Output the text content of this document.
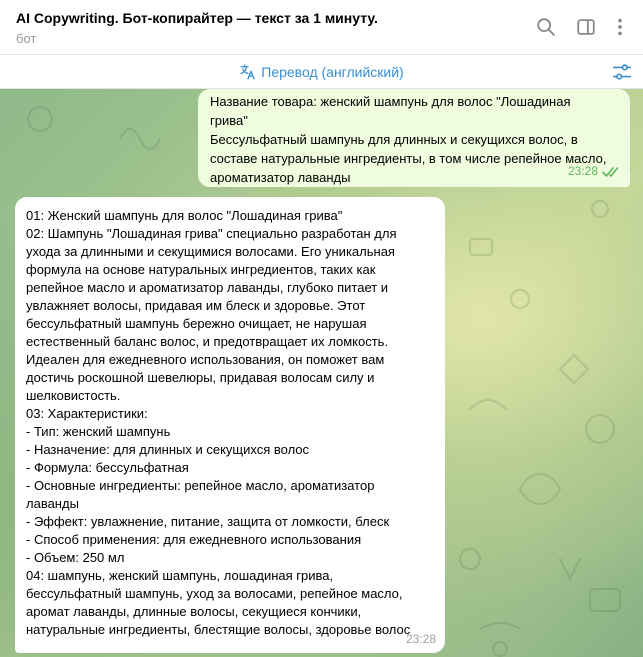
AI Copywriting. Бот-копирайтер — текст за 1 минуту.
бот
Перевод (английский)
Название товара: женский шампунь для волос "Лошадиная
грива"
Бессульфатный шампунь для длинных и секущихся волос, в
составе натуральные ингредиенты, в том числе репейное масло,
ароматизатор лаванды	23:28
01: Женский шампунь для волос "Лошадиная грива"
02: Шампунь "Лошадиная грива" специально разработан для
ухода за длинными и секущимися волосами. Его уникальная
формула на основе натуральных ингредиентов, таких как
репейное масло и ароматизатор лаванды, глубоко питает и
увлажняет волосы, придавая им блеск и здоровье. Этот
бессульфатный шампунь бережно очищает, не нарушая
естественный баланс волос, и предотвращает их ломкость.
Идеален для ежедневного использования, он поможет вам
достичь роскошной шевелюры, придавая волосам силу и
шелковистость.
03: Характеристики:
- Тип: женский шампунь
- Назначение: для длинных и секущихся волос
- Формула: бессульфатная
- Основные ингредиенты: репейное масло, ароматизатор
лаванды
- Эффект: увлажнение, питание, защита от ломкости, блеск
- Способ применения: для ежедневного использования
- Объем: 250 мл
04: шампунь, женский шампунь, лошадиная грива,
бессульфатный шампунь, уход за волосами, репейное масло,
аромат лаванды, длинные волосы, секущиеся кончики,
натуральные ингредиенты, блестящие волосы, здоровье волос
23:28
